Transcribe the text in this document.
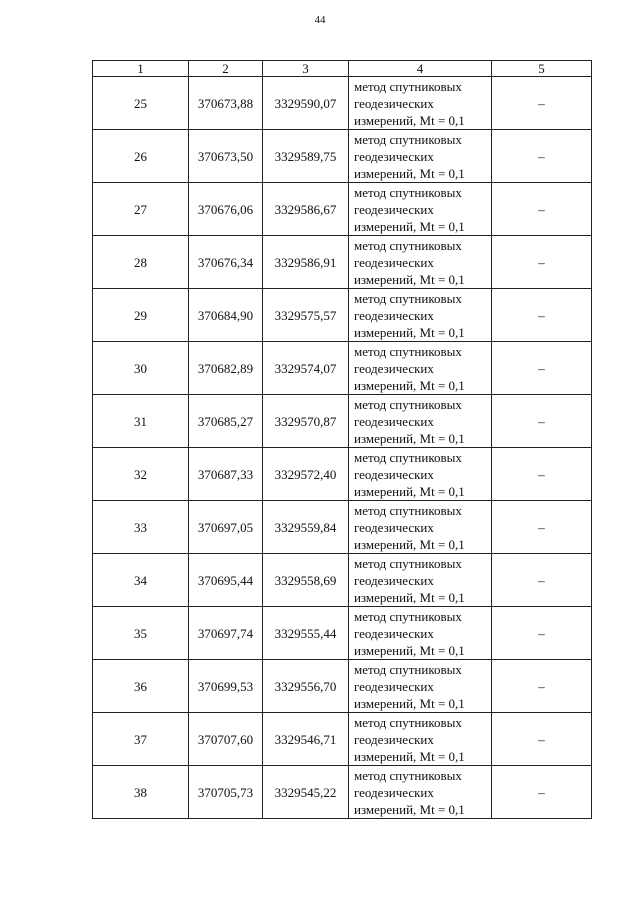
44
1	2	3	4	5
25	370673,88	3329590,07	метод спутниковых
геодезических
измерений, Mt = 0,1	–
26	370673,50	3329589,75	метод спутниковых
геодезических
измерений, Mt = 0,1	–
27	370676,06	3329586,67	метод спутниковых
геодезических
измерений, Mt = 0,1	–
28	370676,34	3329586,91	метод спутниковых
геодезических
измерений, Mt = 0,1	–
29	370684,90	3329575,57	метод спутниковых
геодезических
измерений, Mt = 0,1	–
30	370682,89	3329574,07	метод спутниковых
геодезических
измерений, Mt = 0,1	–
31	370685,27	3329570,87	метод спутниковых
геодезических
измерений, Mt = 0,1	–
32	370687,33	3329572,40	метод спутниковых
геодезических
измерений, Mt = 0,1	–
33	370697,05	3329559,84	метод спутниковых
геодезических
измерений, Mt = 0,1	–
34	370695,44	3329558,69	метод спутниковых
геодезических
измерений, Mt = 0,1	–
35	370697,74	3329555,44	метод спутниковых
геодезических
измерений, Mt = 0,1	–
36	370699,53	3329556,70	метод спутниковых
геодезических
измерений, Mt = 0,1	–
37	370707,60	3329546,71	метод спутниковых
геодезических
измерений, Mt = 0,1	–
38	370705,73	3329545,22	метод спутниковых
геодезических
измерений, Mt = 0,1	–
